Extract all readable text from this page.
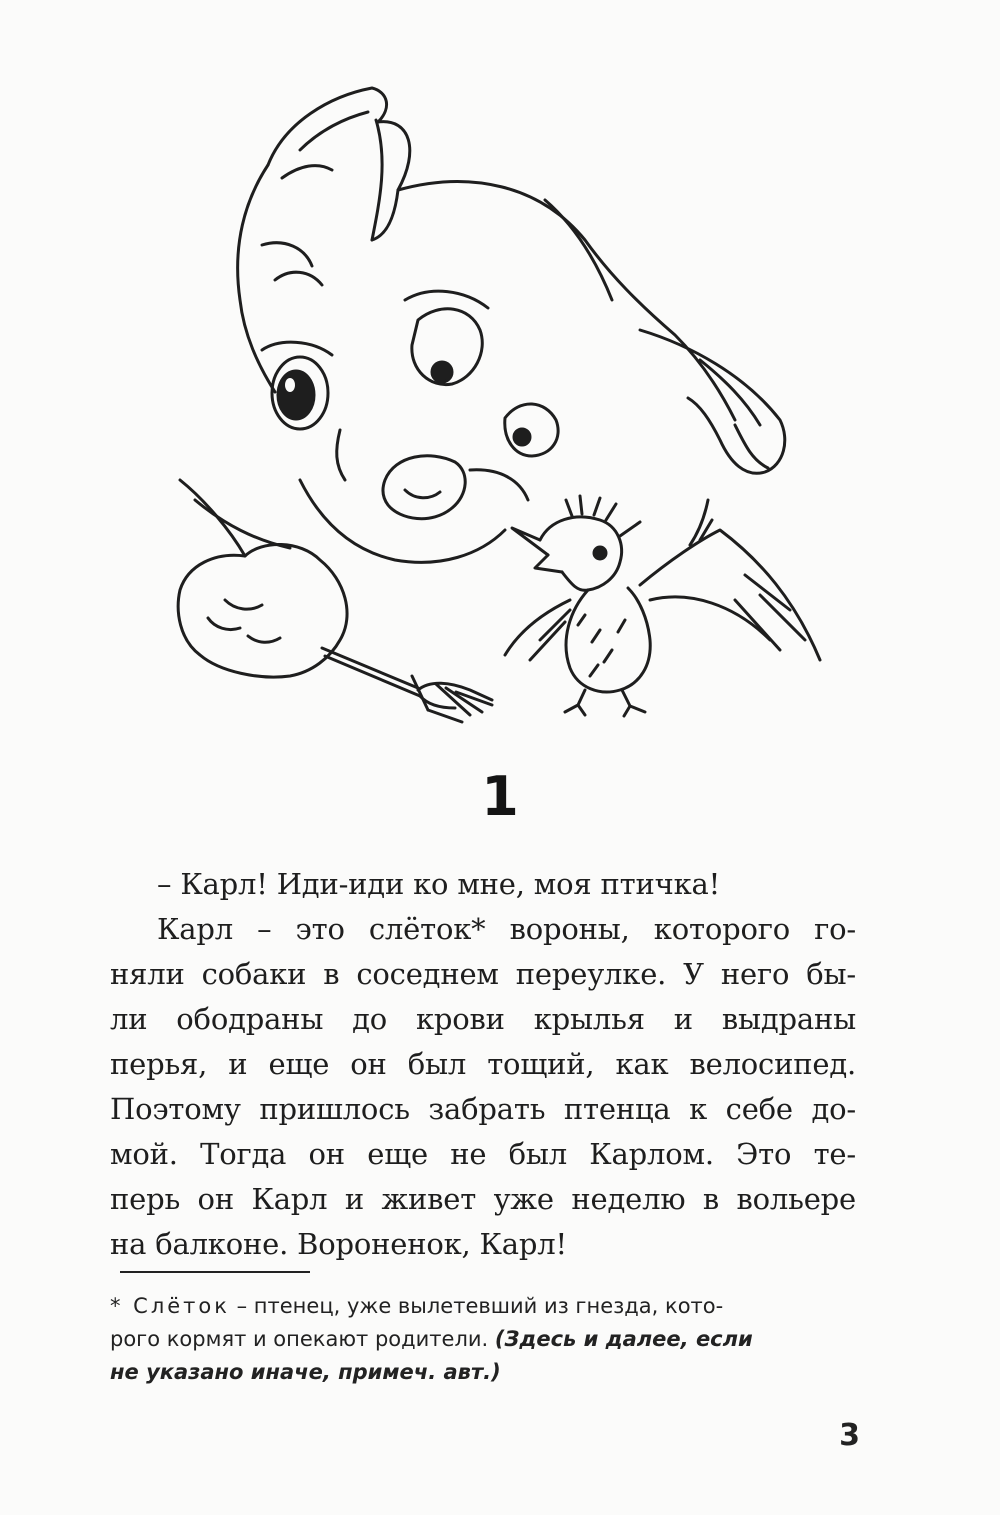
1

– Карл! Иди-иди ко мне, моя птичка!

Карл – это слёток* вороны, которого го-

няли собаки в соседнем переулке. У него бы-
ли ободраны до крови крылья и выдраны
перья, и еще он был тощий, как велосипед.
Поэтому пришлось забрать птенца к себе до-
мой. Тогда он еще не был Карлом. Это те-
перь он Карл и живет уже неделю в вольере
на балконе. Вороненок, Карл!
* Слёток – птенец, уже вылетевший из гнезда, кото-
рого кормят и опекают родители. (Здесь и далее, если
не указано иначе, примеч. авт.)
3
